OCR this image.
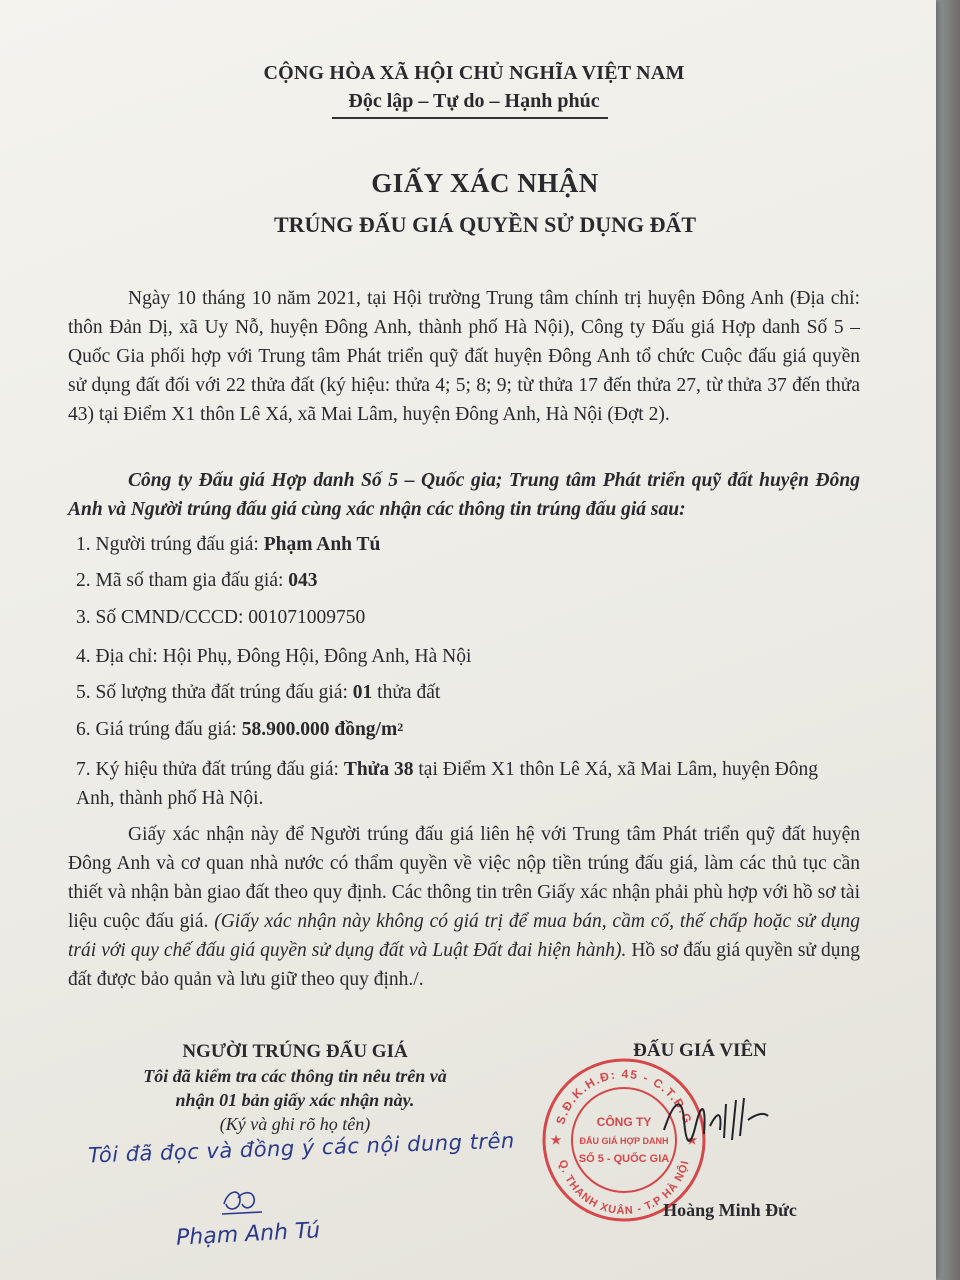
CỘNG HÒA XÃ HỘI CHỦ NGHĨA VIỆT NAM
Độc lập – Tự do – Hạnh phúc
GIẤY XÁC NHẬN
TRÚNG ĐẤU GIÁ QUYỀN SỬ DỤNG ĐẤT
Ngày 10 tháng 10 năm 2021, tại Hội trường Trung tâm chính trị huyện Đông Anh (Địa chỉ: thôn Đản Dị, xã Uy Nỗ, huyện Đông Anh, thành phố Hà Nội), Công ty Đấu giá Hợp danh Số 5 – Quốc Gia phối hợp với Trung tâm Phát triển quỹ đất huyện Đông Anh tổ chức Cuộc đấu giá quyền sử dụng đất đối với 22 thửa đất (ký hiệu: thửa 4; 5; 8; 9; từ thửa 17 đến thửa 27, từ thửa 37 đến thửa 43) tại Điểm X1 thôn Lê Xá, xã Mai Lâm, huyện Đông Anh, Hà Nội (Đợt 2).
Công ty Đấu giá Hợp danh Số 5 – Quốc gia; Trung tâm Phát triển quỹ đất huyện Đông Anh và Người trúng đấu giá cùng xác nhận các thông tin trúng đấu giá sau:
1. Người trúng đấu giá: Phạm Anh Tú
2. Mã số tham gia đấu giá: 043
3. Số CMND/CCCD: 001071009750
4. Địa chỉ: Hội Phụ, Đông Hội, Đông Anh, Hà Nội
5. Số lượng thửa đất trúng đấu giá: 01 thửa đất
6. Giá trúng đấu giá: 58.900.000 đồng/$m^2$
7. Ký hiệu thửa đất trúng đấu giá: Thửa 38 tại Điểm X1 thôn Lê Xá, xã Mai Lâm, huyện Đông Anh, thành phố Hà Nội.
Giấy xác nhận này để Người trúng đấu giá liên hệ với Trung tâm Phát triển quỹ đất huyện Đông Anh và cơ quan nhà nước có thẩm quyền về việc nộp tiền trúng đấu giá, làm các thủ tục cần thiết và nhận bàn giao đất theo quy định. Các thông tin trên Giấy xác nhận phải phù hợp với hồ sơ tài liệu cuộc đấu giá. (Giấy xác nhận này không có giá trị để mua bán, cầm cố, thế chấp hoặc sử dụng trái với quy chế đấu giá quyền sử dụng đất và Luật Đất đai hiện hành). Hồ sơ đấu giá quyền sử dụng đất được bảo quản và lưu giữ theo quy định./.
NGƯỜI TRÚNG ĐẤU GIÁ
Tôi đã kiểm tra các thông tin nêu trên và
nhận 01 bản giấy xác nhận này.
(Ký và ghi rõ họ tên)
Tôi đã đọc và đồng ý các nội dung trên
Phạm Anh Tú
ĐẤU GIÁ VIÊN
S.Đ.K.H.Đ: 45 - C.T.Đ.G
Q. THANH XUÂN - T.P HÀ NỘI
CÔNG TY
ĐẤU GIÁ HỢP DANH
SỐ 5 - QUỐC GIA
★	★
Hoàng Minh Đức
